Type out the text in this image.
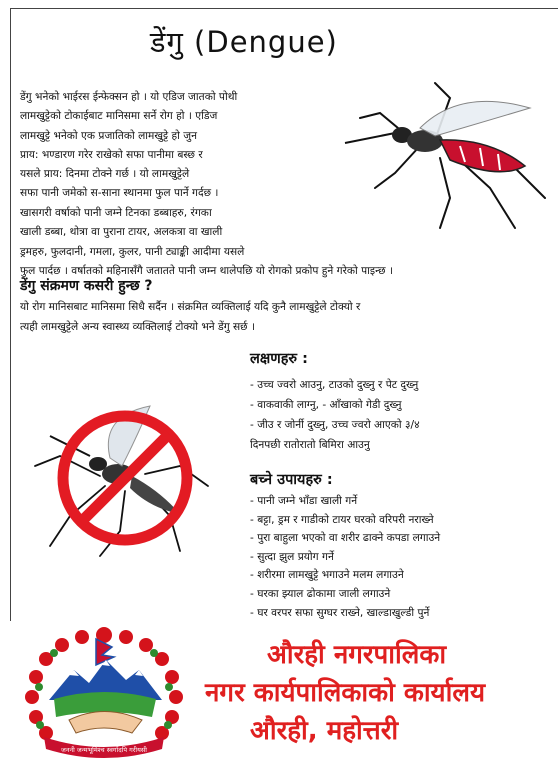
डेंगु (Dengue)
डेंगु भनेको भाईरस ईन्फेक्सन हो । यो एडिज जातको पोथी
लामखुट्टेको टोकाईबाट मानिसमा सर्ने रोग हो । एडिज
लामखुट्टे भनेको एक प्रजातिको लामखुट्टे हो जुन
प्राय: भण्डारण गरेर राखेको सफा पानीमा बस्छ र
यसले प्राय: दिनमा टोक्ने गर्छ । यो लामखुट्टेले
सफा पानी जमेको स-साना स्थानमा फुल पार्ने गर्दछ ।
खासगरी वर्षाको पानी जम्ने टिनका डब्बाहरु, रंगका
खाली डब्बा, थोत्रा वा पुराना टायर, अलकत्रा वा खाली
ड्रमहरु, फुलदानी, गमला, कुलर, पानी ट्याङ्की आदीमा यसले
फुल पार्दछ । वर्षातको महिनासँगै जतातते पानी जम्न थालेपछि यो रोगको प्रकोप हुने गरेको पाइन्छ ।
डेंगु संक्रमण कसरी हुन्छ ?
यो रोग मानिसबाट मानिसमा सिधै सर्दैन । संक्रमित व्यक्तिलाई यदि कुनै लामखुट्टेले टोक्यो र
त्यही लामखुट्टेले अन्य स्वास्थ्य व्यक्तिलाई टोक्यो भने डेंगु सर्छ ।
लक्षणहरु :
- उच्च ज्वरो आउनु, टाउको दुख्नु र पेट दुख्नु
- वाकवाकी लाग्नु, - आँखाको गेडी दुख्नु
- जीउ र जोर्नी दुख्नु, उच्च ज्वरो आएको ३/४
दिनपछी रातोरातो बिमिरा आउनु
बच्ने उपायहरु :
- पानी जम्ने भाँडा खाली गर्ने
- बट्टा, ड्रम र गाडीको टायर घरको वरिपरी नराख्ने
- पुरा बाहुला भएको वा शरीर ढाक्ने कपडा लगाउने
- सुत्दा झुल प्रयोग गर्ने
- शरीरमा लामखुट्टे भगाउने मलम लगाउने
- घरका झ्याल ढोकामा जाली लगाउने
- घर वरपर सफा सुग्घर राख्ने, खाल्डाखुल्डी पुर्ने
जननी जन्मभूमिश्च स्वर्गादपि गरीयसी
औरही नगरपालिका
नगर कार्यपालिकाको कार्यालय
औरही, महोत्तरी
